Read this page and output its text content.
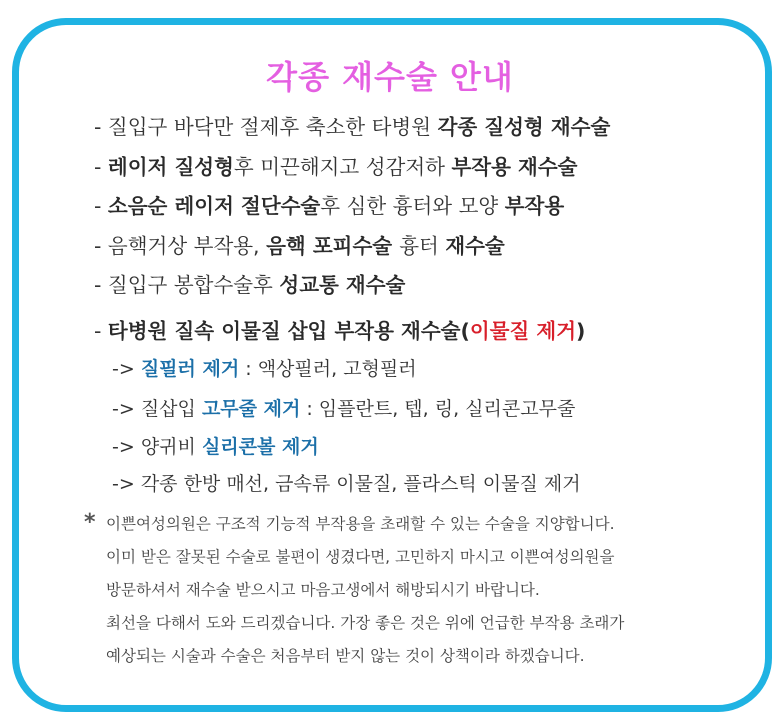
각종 재수술 안내
- 질입구 바닥만 절제후 축소한 타병원 각종 질성형 재수술
- 레이저 질성형후 미끈해지고 성감저하 부작용 재수술
- 소음순 레이저 절단수술후 심한 흉터와 모양 부작용
- 음핵거상 부작용, 음핵 포피수술 흉터 재수술
- 질입구 봉합수술후 성교통 재수술
- 타병원 질속 이물질 삽입 부작용 재수술(이물질 제거)
-> 질필러 제거 : 액상필러, 고형필러
-> 질삽입 고무줄 제거 : 임플란트, 텝, 링, 실리콘고무줄
-> 양귀비 실리콘볼 제거
-> 각종 한방 매선, 금속류 이물질, 플라스틱 이물질 제거
* 이쁜여성의원은 구조적 기능적 부작용을 초래할 수 있는 수술을 지양합니다.
이미 받은 잘못된 수술로 불편이 생겼다면, 고민하지 마시고 이쁜여성의원을
방문하셔서 재수술 받으시고 마음고생에서 해방되시기 바랍니다.
최선을 다해서 도와 드리겠습니다. 가장 좋은 것은 위에 언급한 부작용 초래가
예상되는 시술과 수술은 처음부터 받지 않는 것이 상책이라 하겠습니다.
